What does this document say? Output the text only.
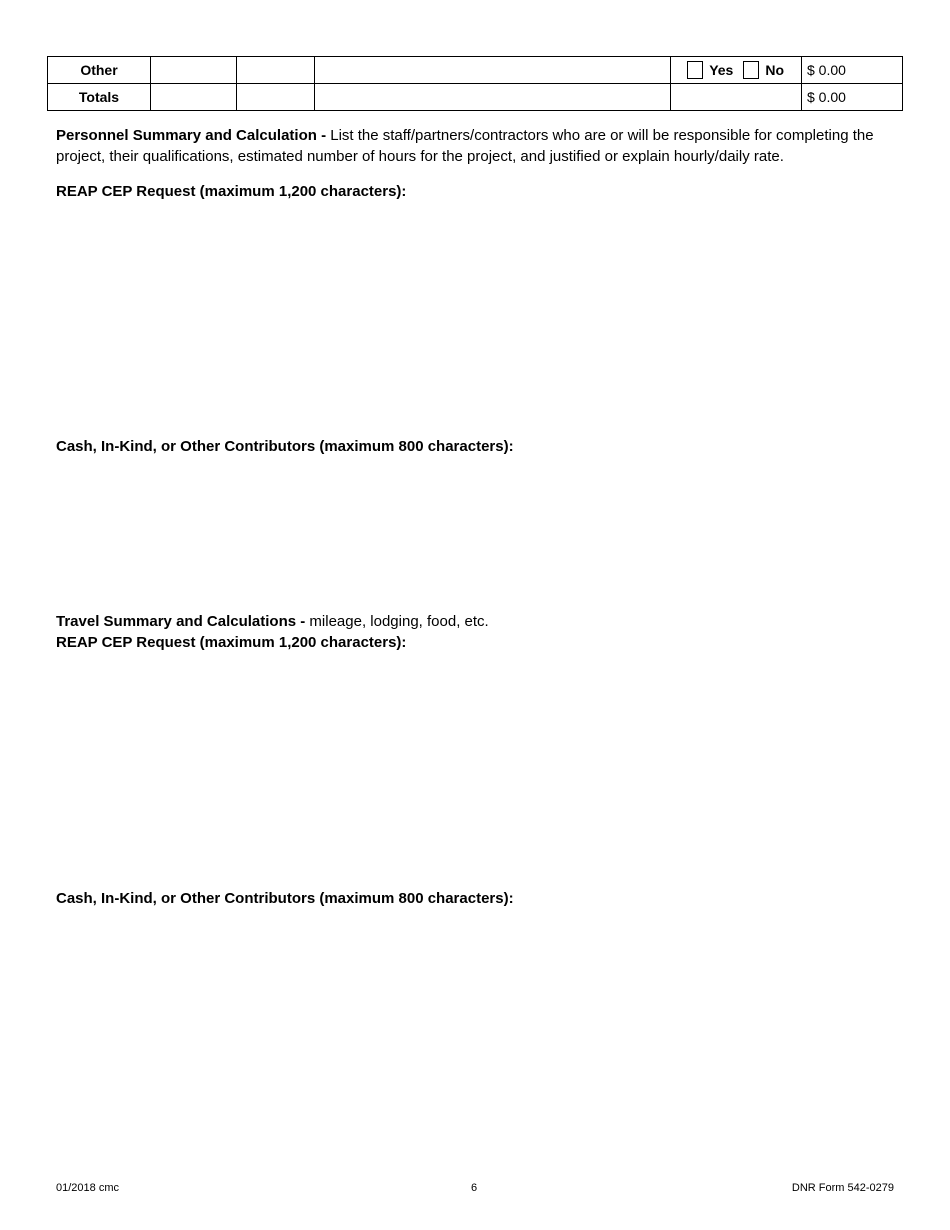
Other				Yes No	$ 0.00
Totals					$ 0.00

Personnel Summary and Calculation - List the staff/partners/contractors who are or will be responsible for completing the project, their qualifications, estimated number of hours for the project, and justified or explain hourly/daily rate.

REAP CEP Request (maximum 1,200 characters):

Cash, In-Kind, or Other Contributors (maximum 800 characters):

Travel Summary and Calculations - mileage, lodging, food, etc.

REAP CEP Request (maximum 1,200 characters):

Cash, In-Kind, or Other Contributors (maximum 800 characters):

01/2018 cmc	6	DNR Form 542-0279
